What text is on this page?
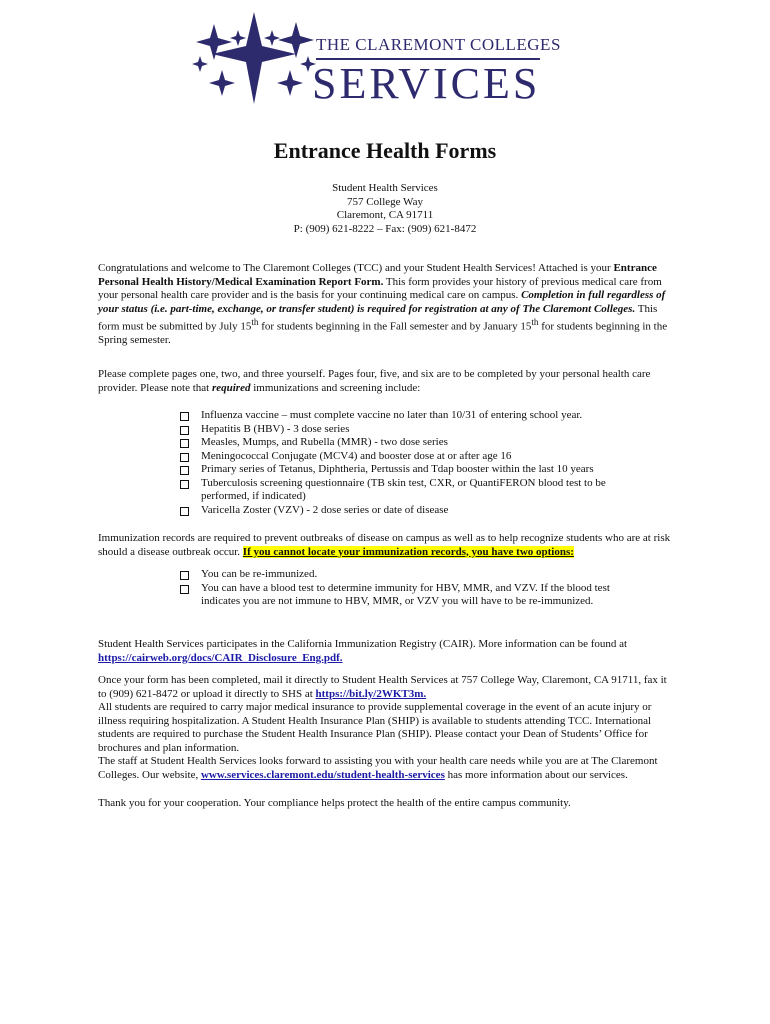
THE CLAREMONT COLLEGES
SERVICES
Entrance Health Forms
Student Health Services
757 College Way
Claremont, CA 91711
P: (909) 621-8222 – Fax: (909) 621-8472
Congratulations and welcome to The Claremont Colleges (TCC) and your Student Health Services! Attached is your Entrance Personal Health History/Medical Examination Report Form. This form provides your history of previous medical care from your personal health care provider and is the basis for your continuing medical care on campus. Completion in full regardless of your status (i.e. part-time, exchange, or transfer student) is required for registration at any of The Claremont Colleges. This form must be submitted by July 15th for students beginning in the Fall semester and by January 15th for students beginning in the Spring semester.
Please complete pages one, two, and three yourself. Pages four, five, and six are to be completed by your personal health care provider. Please note that required immunizations and screening include:
Influenza vaccine – must complete vaccine no later than 10/31 of entering school year.
Hepatitis B (HBV) - 3 dose series
Measles, Mumps, and Rubella (MMR) - two dose series
Meningococcal Conjugate (MCV4) and booster dose at or after age 16
Primary series of Tetanus, Diphtheria, Pertussis and Tdap booster within the last 10 years
Tuberculosis screening questionnaire (TB skin test, CXR, or QuantiFERON blood test to be performed, if indicated)
Varicella Zoster (VZV) - 2 dose series or date of disease
Immunization records are required to prevent outbreaks of disease on campus as well as to help recognize students who are at risk should a disease outbreak occur. If you cannot locate your immunization records, you have two options:
You can be re-immunized.
You can have a blood test to determine immunity for HBV, MMR, and VZV. If the blood test indicates you are not immune to HBV, MMR, or VZV you will have to be re-immunized.
Student Health Services participates in the California Immunization Registry (CAIR). More information can be found at https://cairweb.org/docs/CAIR_Disclosure_Eng.pdf.
Once your form has been completed, mail it directly to Student Health Services at 757 College Way, Claremont, CA 91711, fax it to (909) 621-8472 or upload it directly to SHS at https://bit.ly/2WKT3m.
All students are required to carry major medical insurance to provide supplemental coverage in the event of an acute injury or illness requiring hospitalization. A Student Health Insurance Plan (SHIP) is available to students attending TCC. International students are required to purchase the Student Health Insurance Plan (SHIP). Please contact your Dean of Students’ Office for brochures and plan information.
The staff at Student Health Services looks forward to assisting you with your health care needs while you are at The Claremont Colleges. Our website, www.services.claremont.edu/student-health-services has more information about our services.
Thank you for your cooperation. Your compliance helps protect the health of the entire campus community.
